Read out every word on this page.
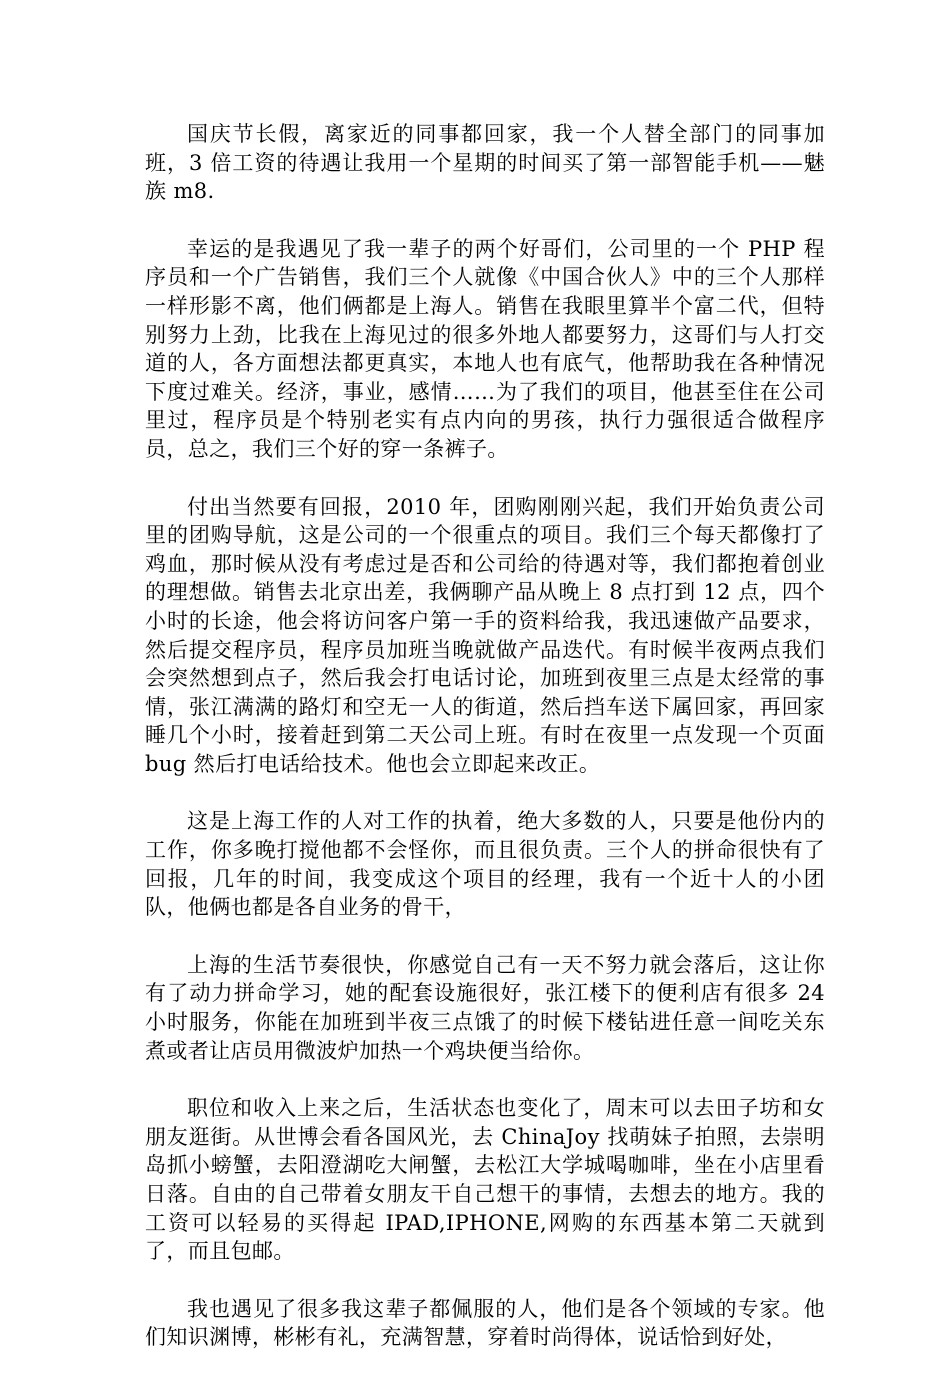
国庆节长假，离家近的同事都回家，我一个人替全部门的同事加班，3 倍工资的待遇让我用一个星期的时间买了第一部智能手机——魅族 m8.

幸运的是我遇见了我一辈子的两个好哥们，公司里的一个 PHP 程序员和一个广告销售，我们三个人就像《中国合伙人》中的三个人那样一样形影不离，他们俩都是上海人。销售在我眼里算半个富二代，但特别努力上劲，比我在上海见过的很多外地人都要努力，这哥们与人打交道的人，各方面想法都更真实，本地人也有底气，他帮助我在各种情况下度过难关。经济，事业，感情……为了我们的项目，他甚至住在公司里过，程序员是个特别老实有点内向的男孩，执行力强很适合做程序员，总之，我们三个好的穿一条裤子。

付出当然要有回报，2010 年，团购刚刚兴起，我们开始负责公司里的团购导航，这是公司的一个很重点的项目。我们三个每天都像打了鸡血，那时候从没有考虑过是否和公司给的待遇对等，我们都抱着创业的理想做。销售去北京出差，我俩聊产品从晚上 8 点打到 12 点，四个小时的长途，他会将访问客户第一手的资料给我，我迅速做产品要求，然后提交程序员，程序员加班当晚就做产品迭代。有时候半夜两点我们会突然想到点子，然后我会打电话讨论，加班到夜里三点是太经常的事情，张江满满的路灯和空无一人的街道，然后挡车送下属回家，再回家睡几个小时，接着赶到第二天公司上班。有时在夜里一点发现一个页面 bug 然后打电话给技术。他也会立即起来改正。

这是上海工作的人对工作的执着，绝大多数的人，只要是他份内的工作，你多晚打搅他都不会怪你，而且很负责。三个人的拼命很快有了回报，几年的时间，我变成这个项目的经理，我有一个近十人的小团队，他俩也都是各自业务的骨干，

上海的生活节奏很快，你感觉自己有一天不努力就会落后，这让你有了动力拼命学习，她的配套设施很好，张江楼下的便利店有很多 24 小时服务，你能在加班到半夜三点饿了的时候下楼钻进任意一间吃关东煮或者让店员用微波炉加热一个鸡块便当给你。

职位和收入上来之后，生活状态也变化了，周末可以去田子坊和女朋友逛街。从世博会看各国风光，去 ChinaJoy 找萌妹子拍照，去崇明岛抓小螃蟹，去阳澄湖吃大闸蟹，去松江大学城喝咖啡，坐在小店里看日落。自由的自己带着女朋友干自己想干的事情，去想去的地方。我的工资可以轻易的买得起 IPAD,IPHONE,网购的东西基本第二天就到了，而且包邮。

我也遇见了很多我这辈子都佩服的人，他们是各个领域的专家。他们知识渊博，彬彬有礼，充满智慧，穿着时尚得体，说话恰到好处，
